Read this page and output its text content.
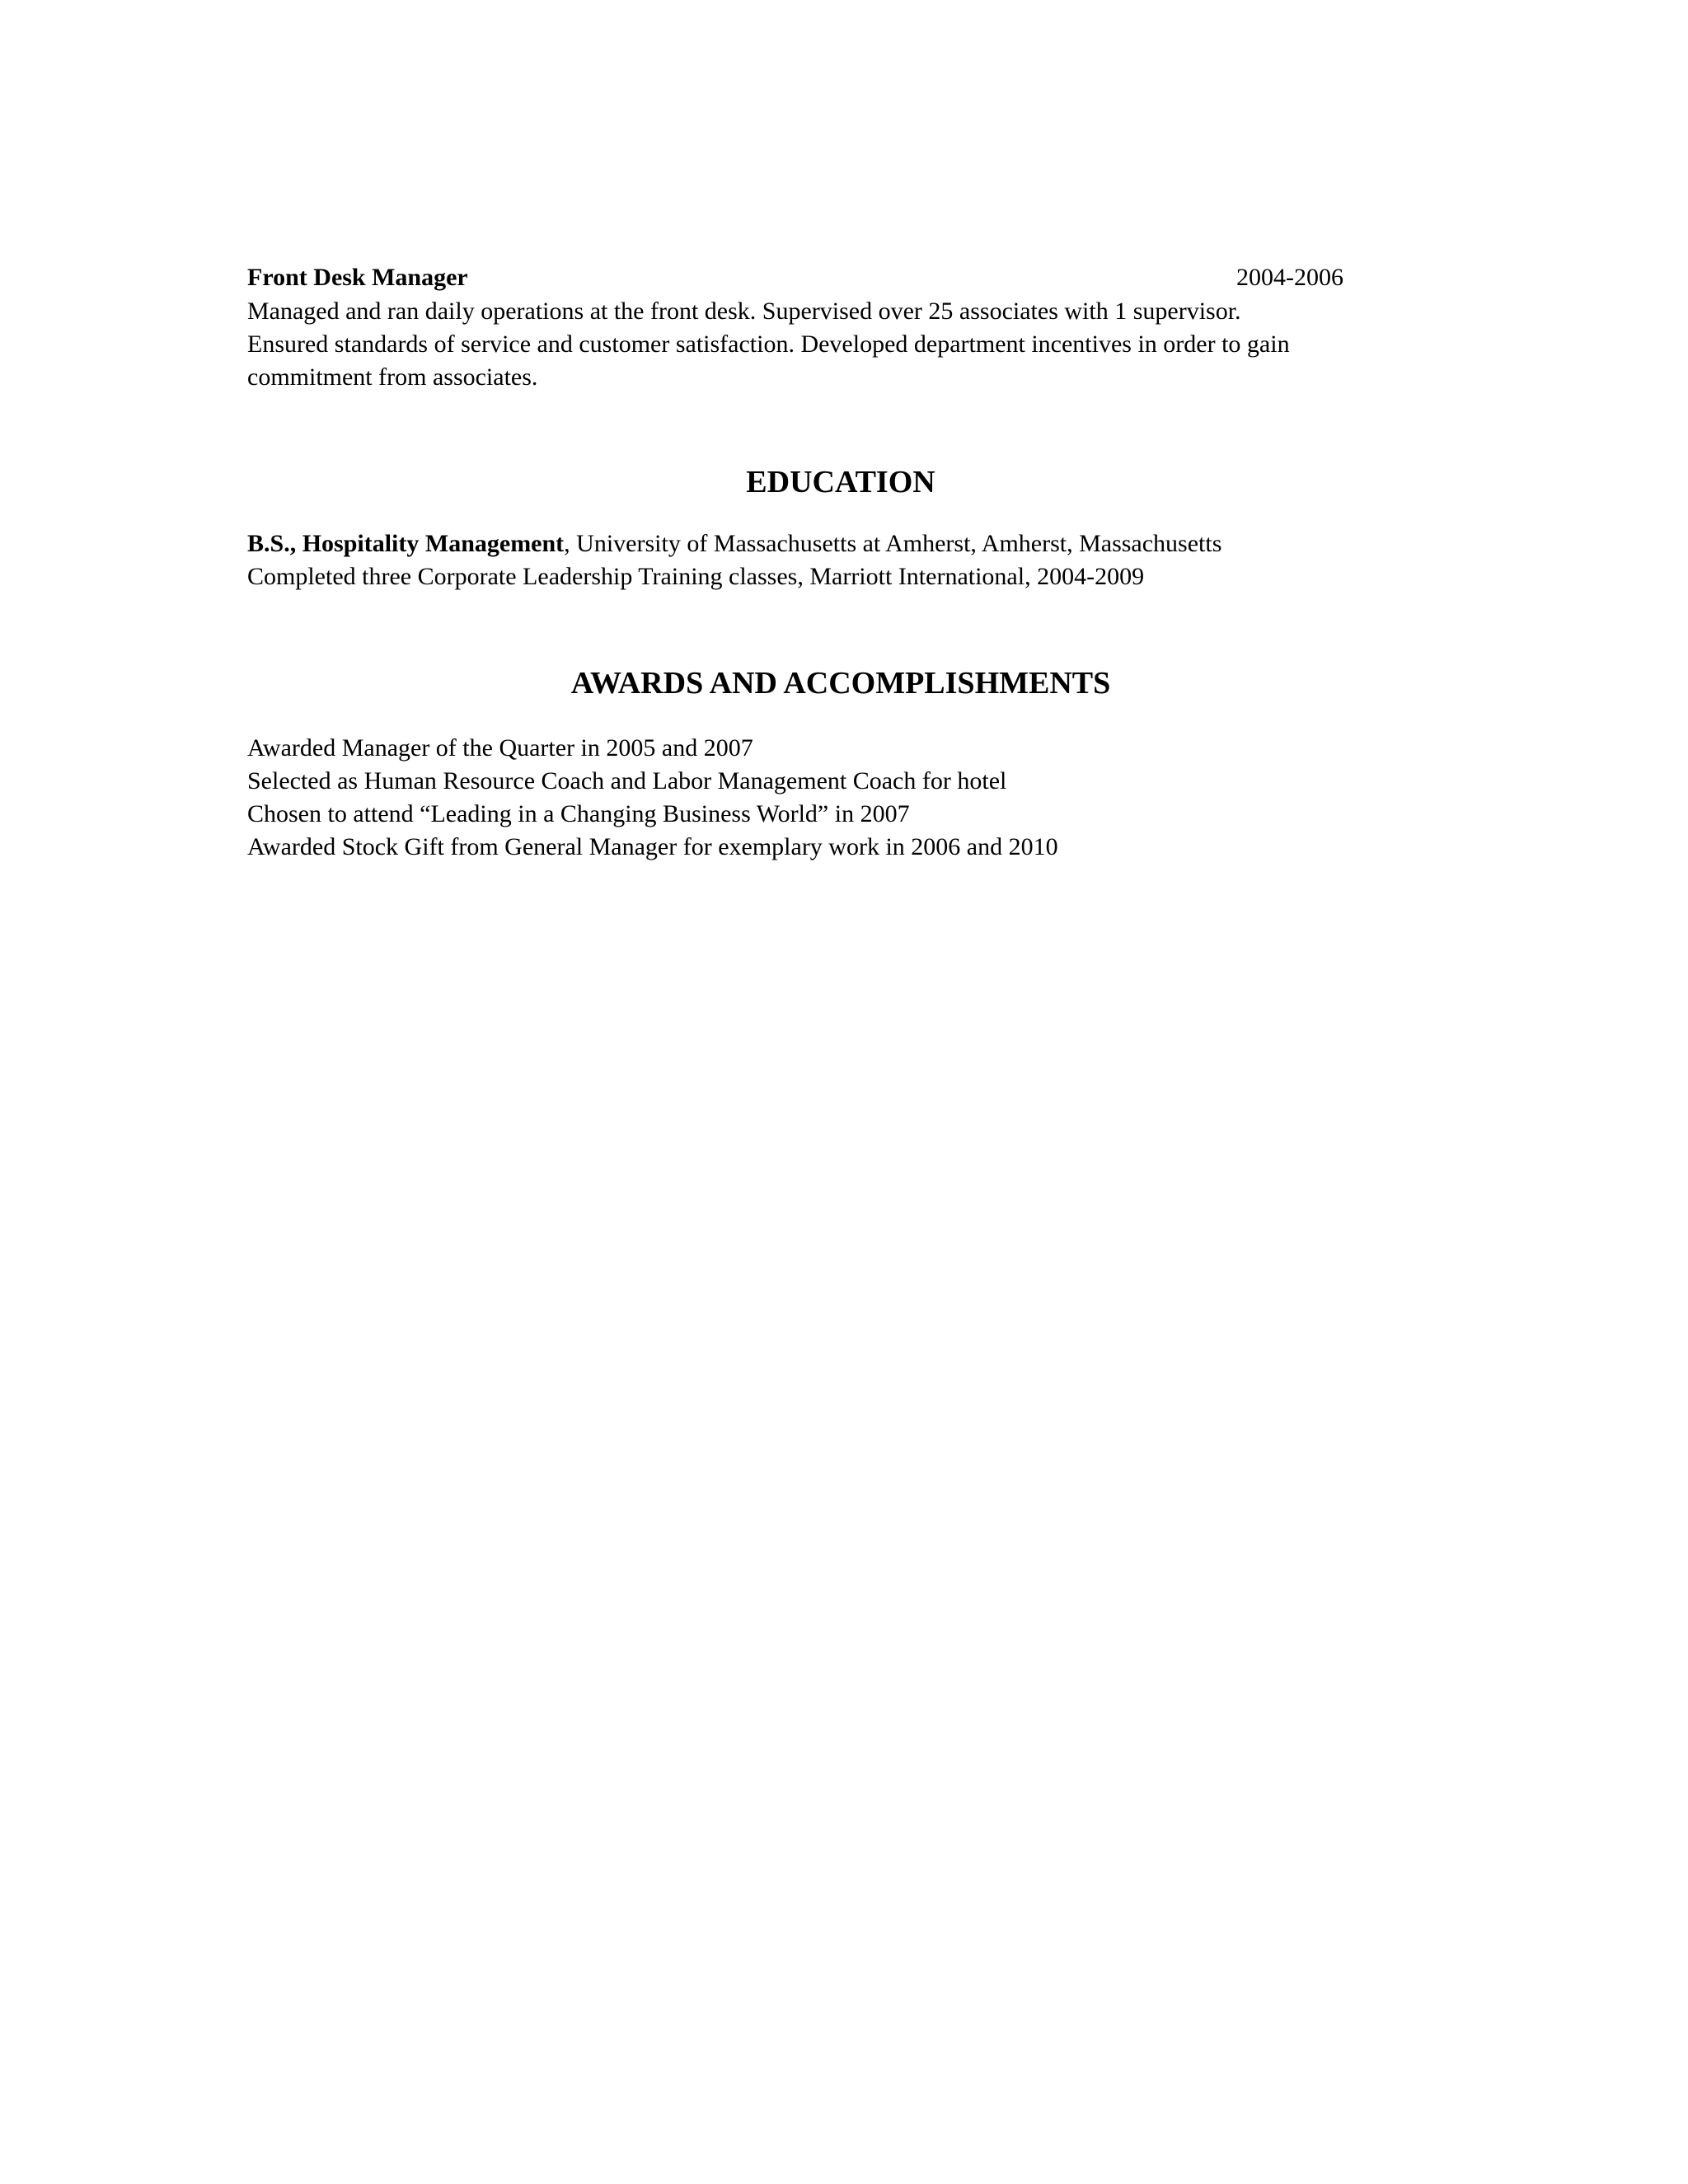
Front Desk Manager	2004-2006
Managed and ran daily operations at the front desk. Supervised over 25 associates with 1 supervisor.
Ensured standards of service and customer satisfaction. Developed department incentives in order to gain
commitment from associates.
EDUCATION
B.S., Hospitality Management, University of Massachusetts at Amherst, Amherst, Massachusetts
Completed three Corporate Leadership Training classes, Marriott International, 2004-2009
AWARDS AND ACCOMPLISHMENTS
Awarded Manager of the Quarter in 2005 and 2007
Selected as Human Resource Coach and Labor Management Coach for hotel
Chosen to attend “Leading in a Changing Business World” in 2007
Awarded Stock Gift from General Manager for exemplary work in 2006 and 2010
